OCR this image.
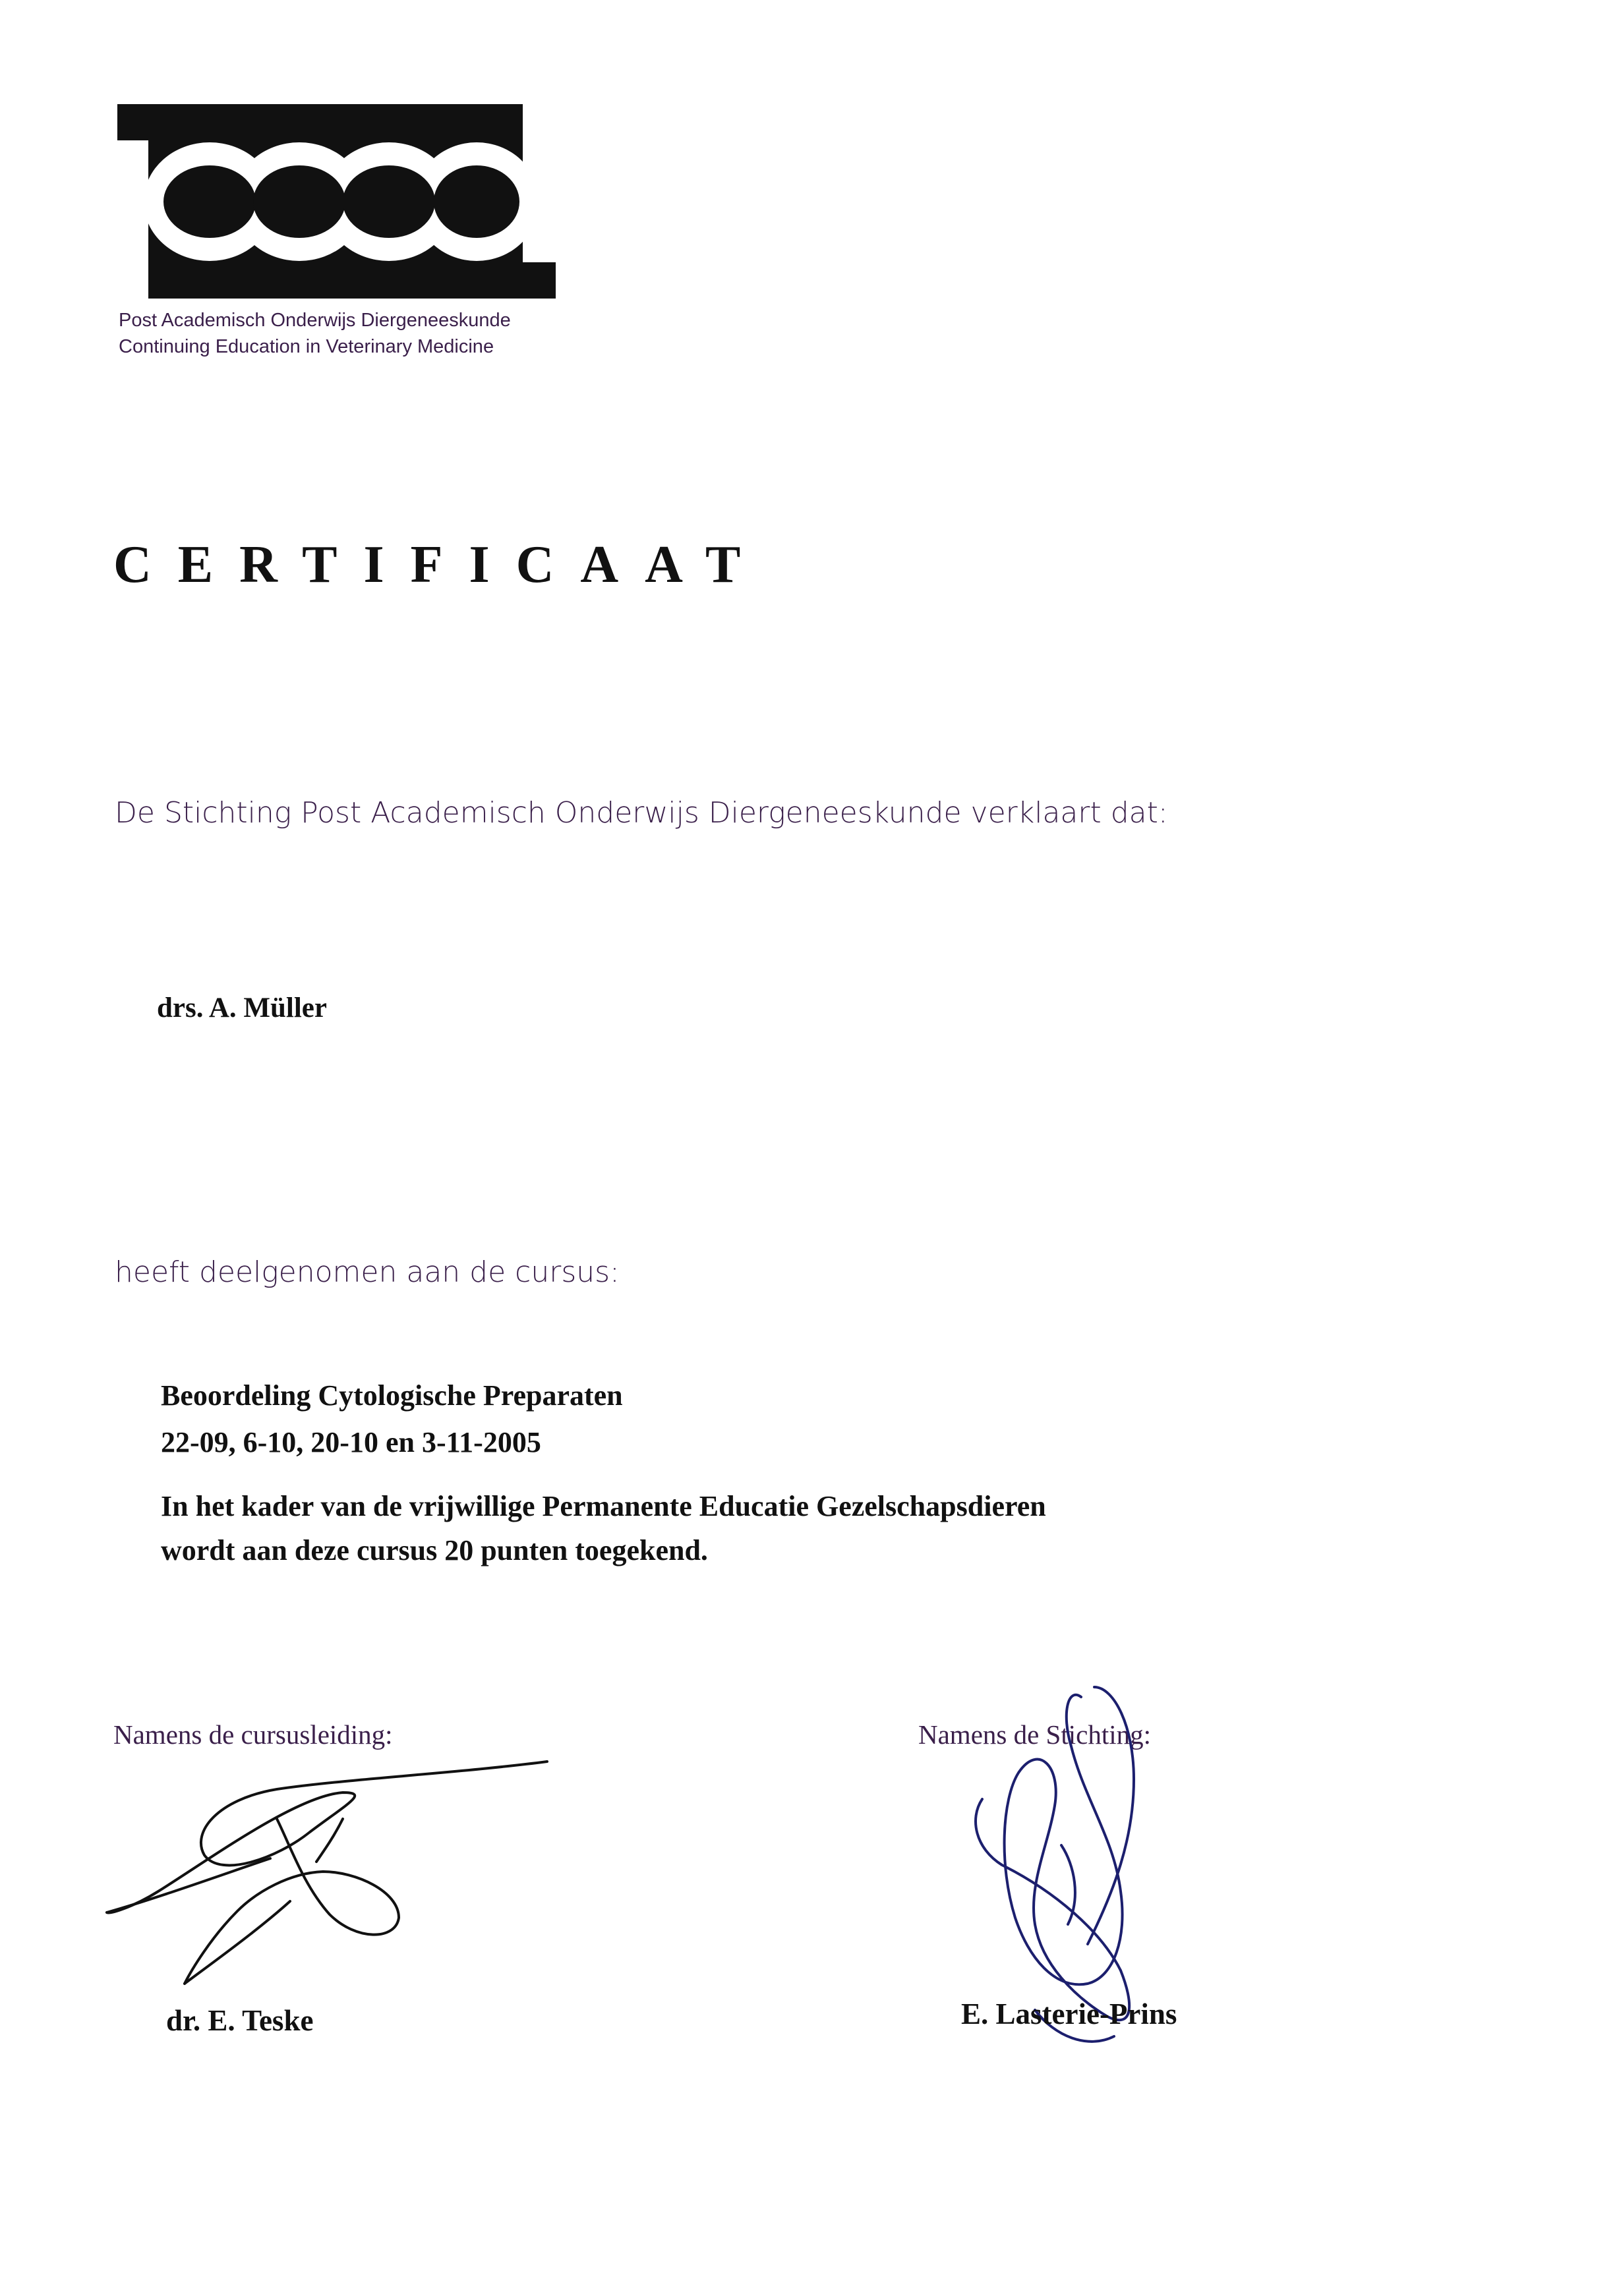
Post Academisch Onderwijs Diergeneeskunde
Continuing Education in Veterinary Medicine
CERTIFICAAT
De Stichting Post Academisch Onderwijs Diergeneeskunde verklaart dat:
drs. A. Müller
heeft deelgenomen aan de cursus:
Beoordeling Cytologische Preparaten
22-09, 6-10, 20-10 en 3-11-2005
In het kader van de vrijwillige Permanente Educatie Gezelschapsdieren
wordt aan deze cursus 20 punten toegekend.
Namens de cursusleiding:	Namens de Stichting:
dr. E. Teske	E. Lasterie-Prins
